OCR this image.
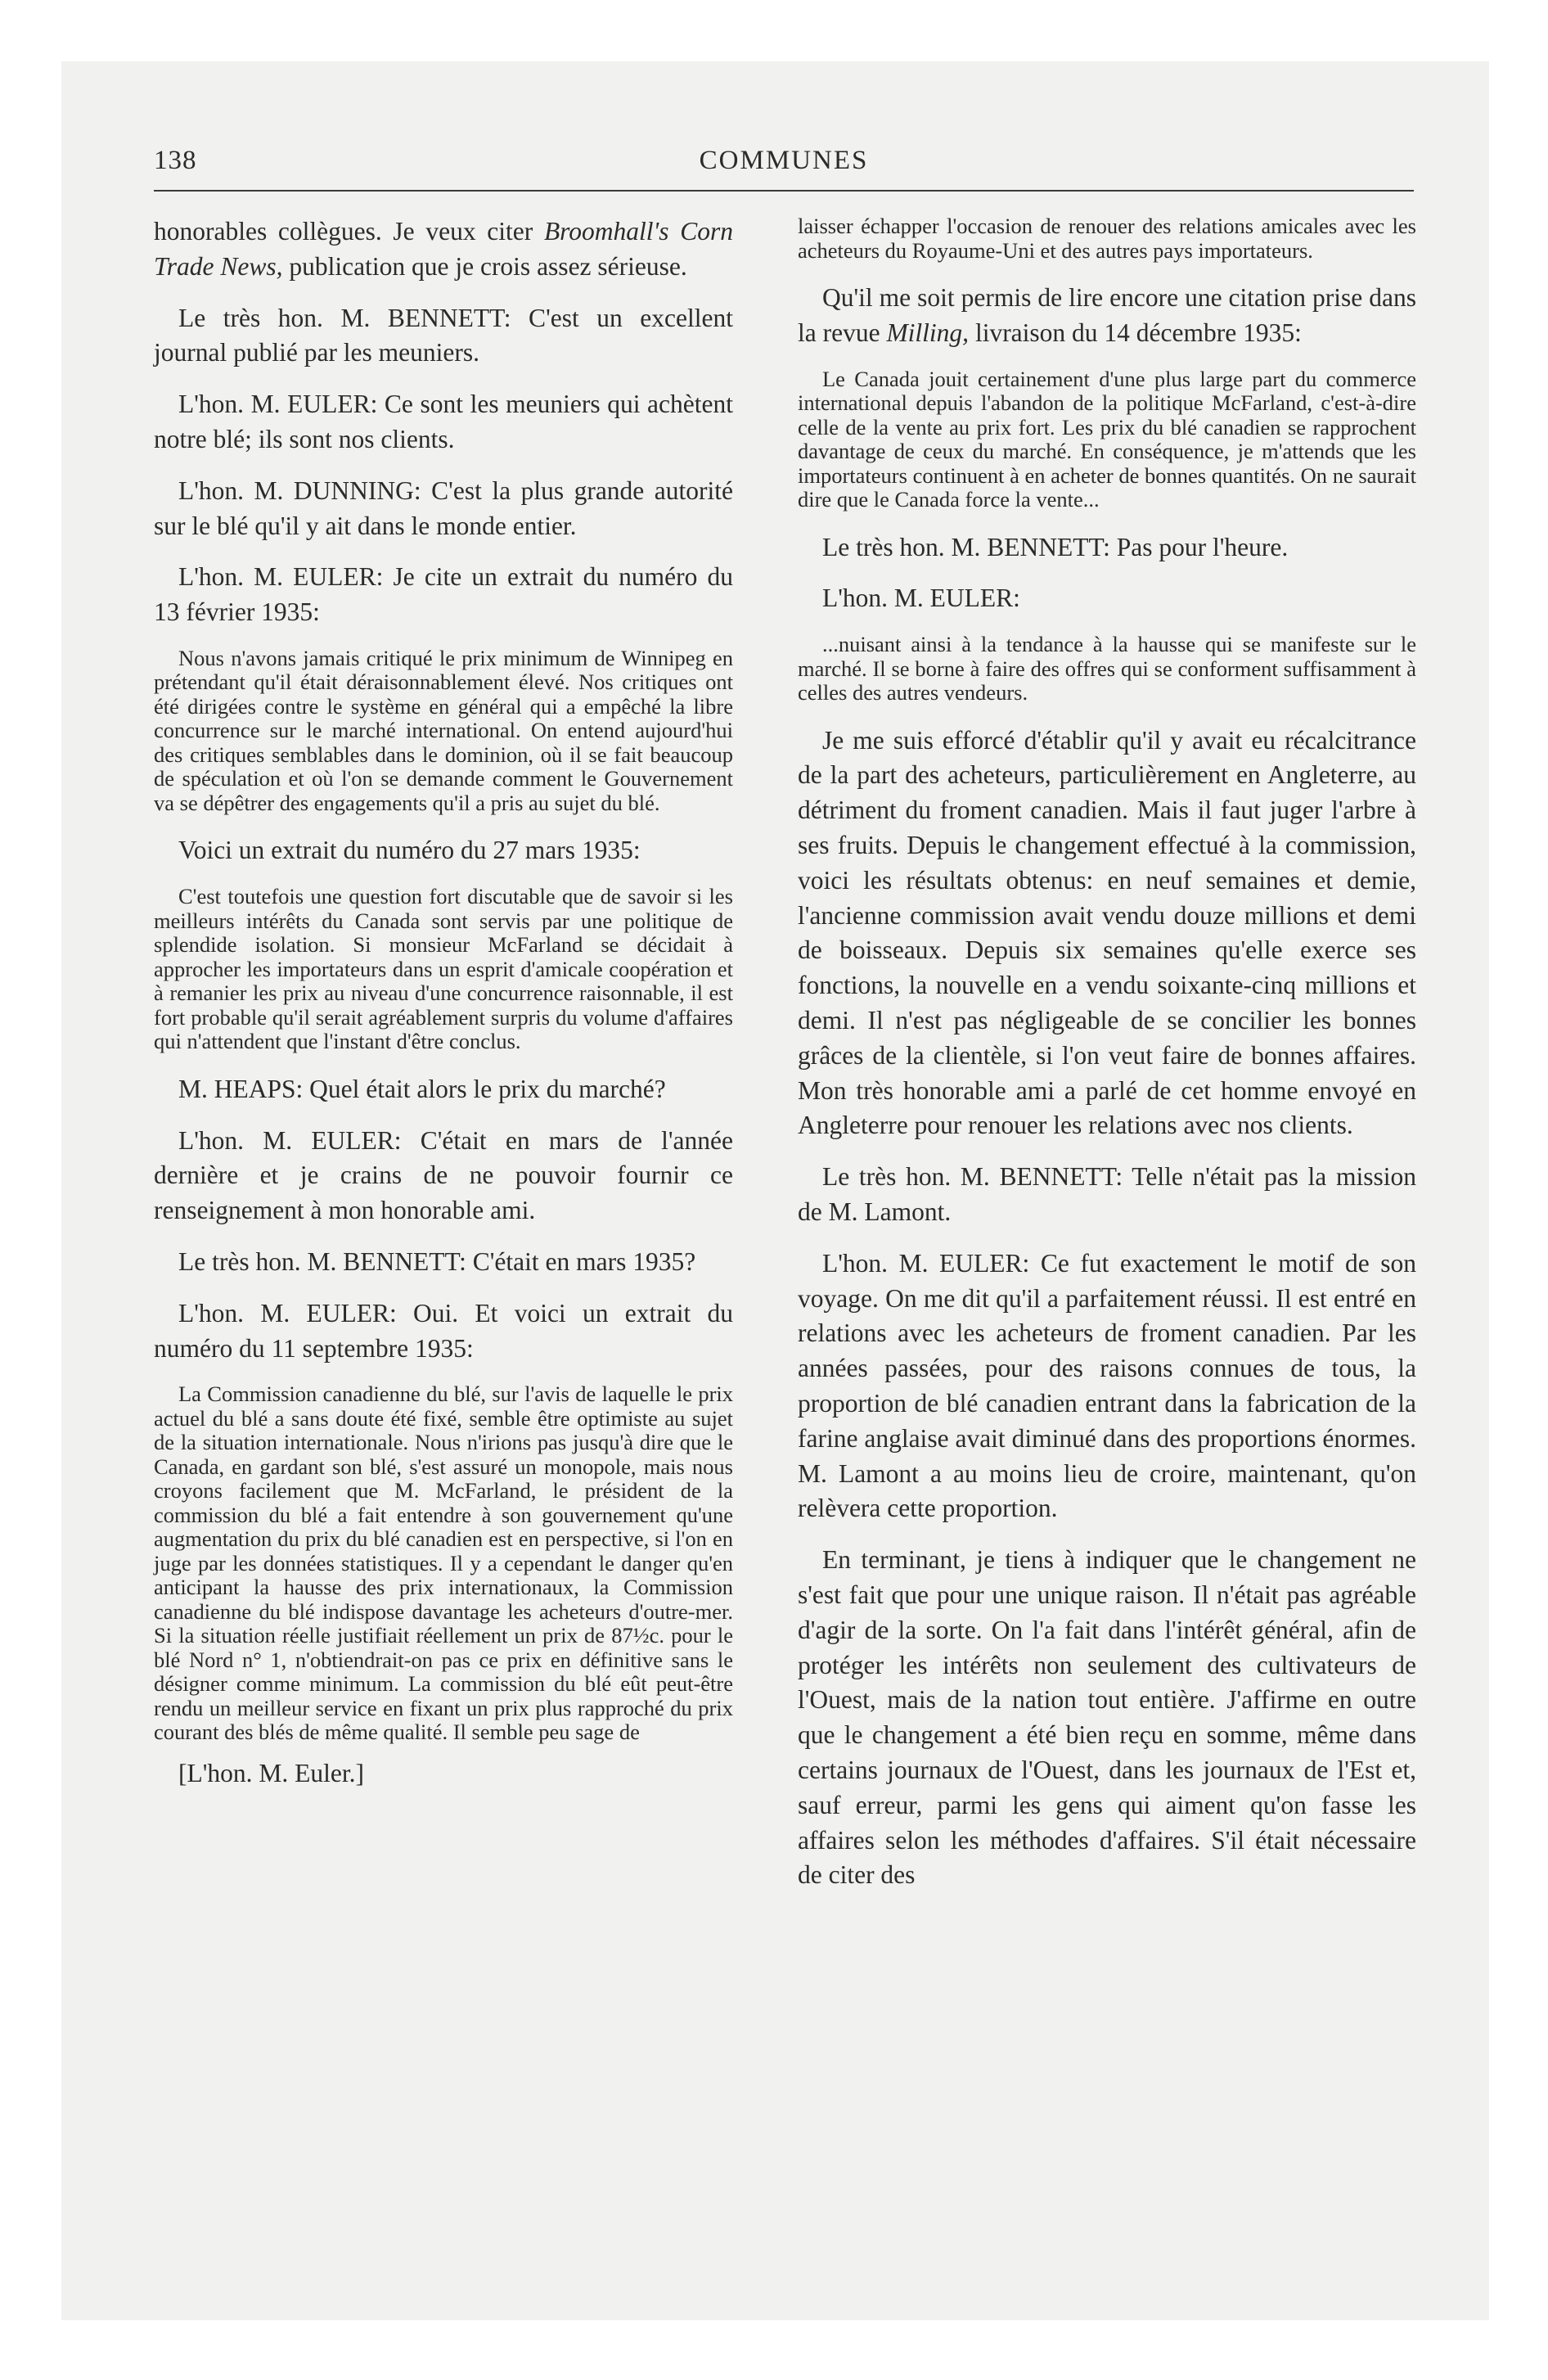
138	COMMUNES

honorables collègues. Je veux citer Broomhall's Corn Trade News, publication que je crois assez sérieuse.

Le très hon. M. BENNETT: C'est un excellent journal publié par les meuniers.

L'hon. M. EULER: Ce sont les meuniers qui achètent notre blé; ils sont nos clients.

L'hon. M. DUNNING: C'est la plus grande autorité sur le blé qu'il y ait dans le monde entier.

L'hon. M. EULER: Je cite un extrait du numéro du 13 février 1935:

Nous n'avons jamais critiqué le prix minimum de Winnipeg en prétendant qu'il était déraisonnablement élevé. Nos critiques ont été dirigées contre le système en général qui a empêché la libre concurrence sur le marché international. On entend aujourd'hui des critiques semblables dans le dominion, où il se fait beaucoup de spéculation et où l'on se demande comment le Gouvernement va se dépêtrer des engagements qu'il a pris au sujet du blé.

Voici un extrait du numéro du 27 mars 1935:

C'est toutefois une question fort discutable que de savoir si les meilleurs intérêts du Canada sont servis par une politique de splendide isolation. Si monsieur McFarland se décidait à approcher les importateurs dans un esprit d'amicale coopération et à remanier les prix au niveau d'une concurrence raisonnable, il est fort probable qu'il serait agréablement surpris du volume d'affaires qui n'attendent que l'instant d'être conclus.

M. HEAPS: Quel était alors le prix du marché?

L'hon. M. EULER: C'était en mars de l'année dernière et je crains de ne pouvoir fournir ce renseignement à mon honorable ami.

Le très hon. M. BENNETT: C'était en mars 1935?

L'hon. M. EULER: Oui. Et voici un extrait du numéro du 11 septembre 1935:

La Commission canadienne du blé, sur l'avis de laquelle le prix actuel du blé a sans doute été fixé, semble être optimiste au sujet de la situation internationale. Nous n'irions pas jusqu'à dire que le Canada, en gardant son blé, s'est assuré un monopole, mais nous croyons facilement que M. McFarland, le président de la commission du blé a fait entendre à son gouvernement qu'une augmentation du prix du blé canadien est en perspective, si l'on en juge par les données statistiques. Il y a cependant le danger qu'en anticipant la hausse des prix internationaux, la Commission canadienne du blé indispose davantage les acheteurs d'outre-mer. Si la situation réelle justifiait réellement un prix de 87½c. pour le blé Nord n° 1, n'obtiendrait-on pas ce prix en définitive sans le désigner comme minimum. La commission du blé eût peut-être rendu un meilleur service en fixant un prix plus rapproché du prix courant des blés de même qualité. Il semble peu sage de

[L'hon. M. Euler.]

laisser échapper l'occasion de renouer des relations amicales avec les acheteurs du Royaume-Uni et des autres pays importateurs.

Qu'il me soit permis de lire encore une citation prise dans la revue Milling, livraison du 14 décembre 1935:

Le Canada jouit certainement d'une plus large part du commerce international depuis l'abandon de la politique McFarland, c'est-à-dire celle de la vente au prix fort. Les prix du blé canadien se rapprochent davantage de ceux du marché. En conséquence, je m'attends que les importateurs continuent à en acheter de bonnes quantités. On ne saurait dire que le Canada force la vente...

Le très hon. M. BENNETT: Pas pour l'heure.

L'hon. M. EULER:

...nuisant ainsi à la tendance à la hausse qui se manifeste sur le marché. Il se borne à faire des offres qui se conforment suffisamment à celles des autres vendeurs.

Je me suis efforcé d'établir qu'il y avait eu récalcitrance de la part des acheteurs, particulièrement en Angleterre, au détriment du froment canadien. Mais il faut juger l'arbre à ses fruits. Depuis le changement effectué à la commission, voici les résultats obtenus: en neuf semaines et demie, l'ancienne commission avait vendu douze millions et demi de boisseaux. Depuis six semaines qu'elle exerce ses fonctions, la nouvelle en a vendu soixante-cinq millions et demi. Il n'est pas négligeable de se concilier les bonnes grâces de la clientèle, si l'on veut faire de bonnes affaires. Mon très honorable ami a parlé de cet homme envoyé en Angleterre pour renouer les relations avec nos clients.

Le très hon. M. BENNETT: Telle n'était pas la mission de M. Lamont.

L'hon. M. EULER: Ce fut exactement le motif de son voyage. On me dit qu'il a parfaitement réussi. Il est entré en relations avec les acheteurs de froment canadien. Par les années passées, pour des raisons connues de tous, la proportion de blé canadien entrant dans la fabrication de la farine anglaise avait diminué dans des proportions énormes. M. Lamont a au moins lieu de croire, maintenant, qu'on relèvera cette proportion.

En terminant, je tiens à indiquer que le changement ne s'est fait que pour une unique raison. Il n'était pas agréable d'agir de la sorte. On l'a fait dans l'intérêt général, afin de protéger les intérêts non seulement des cultivateurs de l'Ouest, mais de la nation tout entière. J'affirme en outre que le changement a été bien reçu en somme, même dans certains journaux de l'Ouest, dans les journaux de l'Est et, sauf erreur, parmi les gens qui aiment qu'on fasse les affaires selon les méthodes d'affaires. S'il était nécessaire de citer des
